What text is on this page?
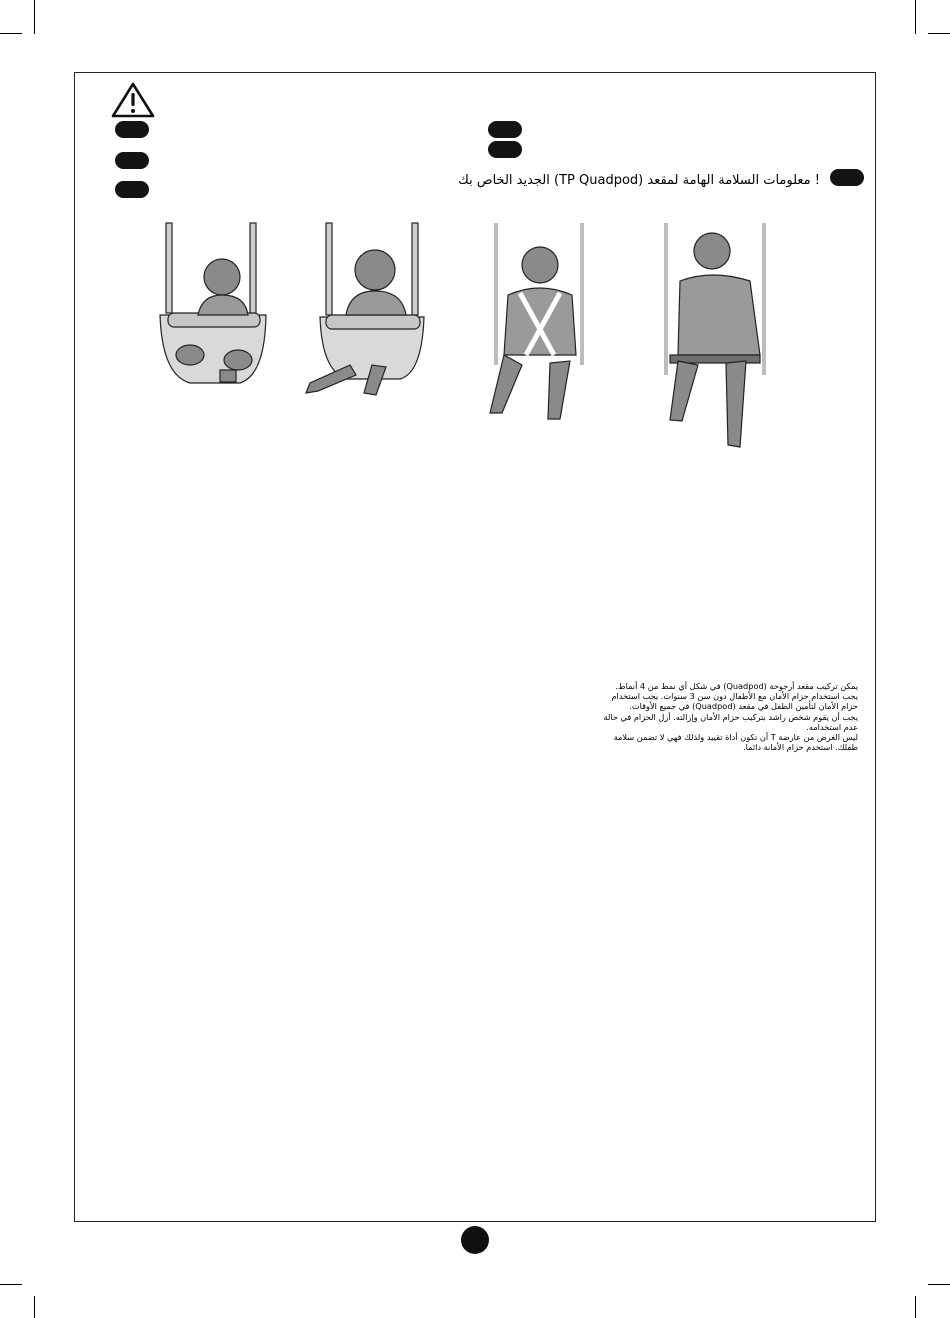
! معلومات السلامة الهامة لمقعد (TP Quadpod) الجديد الخاص بك

يمكن تركيب مقعد أرجوحة (Quadpod) في شكل أي نمط من 4 أنماط.

يجب استخدام حزام الأمان مع الأطفال دون سن 3 سنوات. يجب استخدام حزام الأمان لتأمين الطفل في مقعد (Quadpod) في جميع الأوقات.

يجب أن يقوم شخص راشد بتركيب حزام الأمان وإزالته. أزل الحزام في حالة عدم استخدامه.

ليس الغرض من عارضة T أن تكون أداة تقييد ولذلك فهي لا تضمن سلامة طفلك. استخدم حزام الأمانة دائما.
